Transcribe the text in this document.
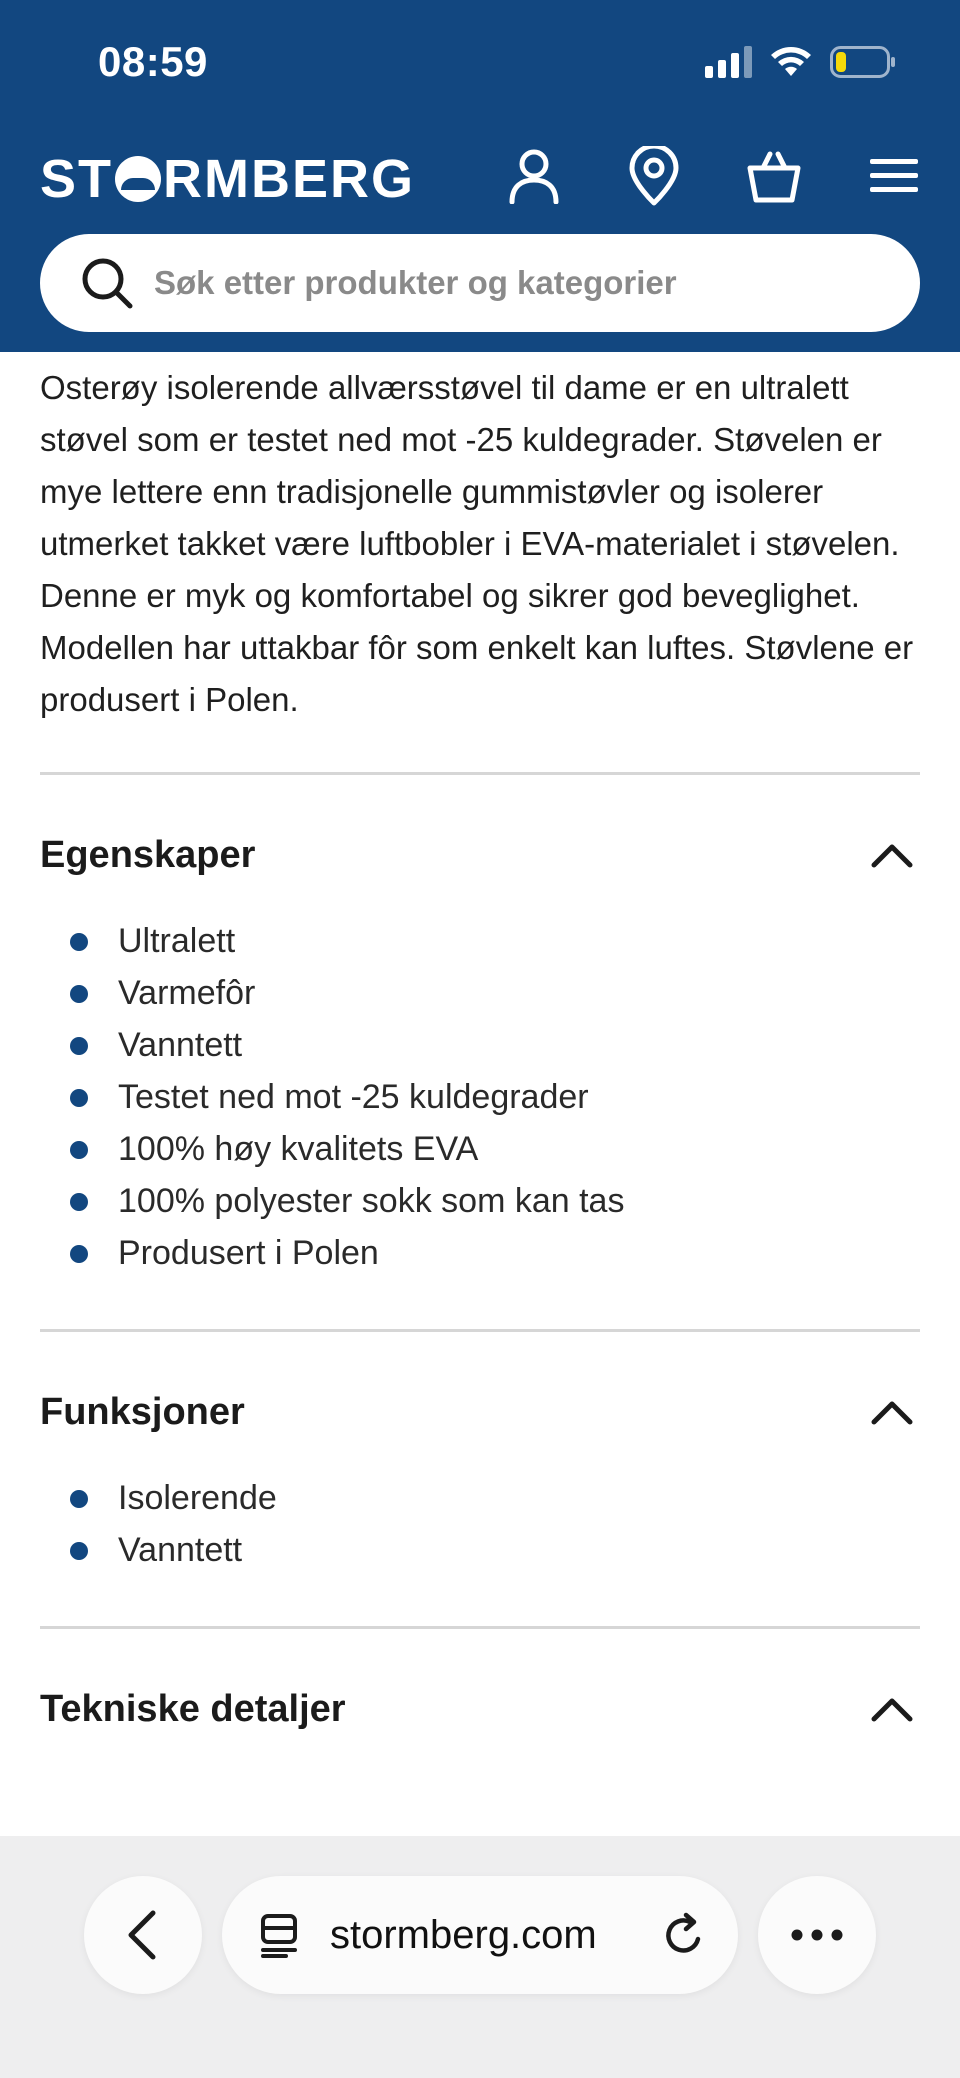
08:59
ST RMBERG
Søk etter produkter og kategorier

Osterøy isolerende allværsstøvel til dame er en ultralett støvel som er testet ned mot -25 kuldegrader. Støvelen er mye lettere enn tradisjonelle gummistøvler og isolerer utmerket takket være luftbobler i EVA-materialet i støvelen. Denne er myk og komfortabel og sikrer god beveglighet. Modellen har uttakbar fôr som enkelt kan luftes. Støvlene er produsert i Polen.

Egenskaper
Ultralett
Varmefôr
Vanntett
Testet ned mot -25 kuldegrader
100% høy kvalitets EVA
100% polyester sokk som kan tas
Produsert i Polen
Funksjoner
Isolerende
Vanntett
Tekniske detaljer
stormberg.com
